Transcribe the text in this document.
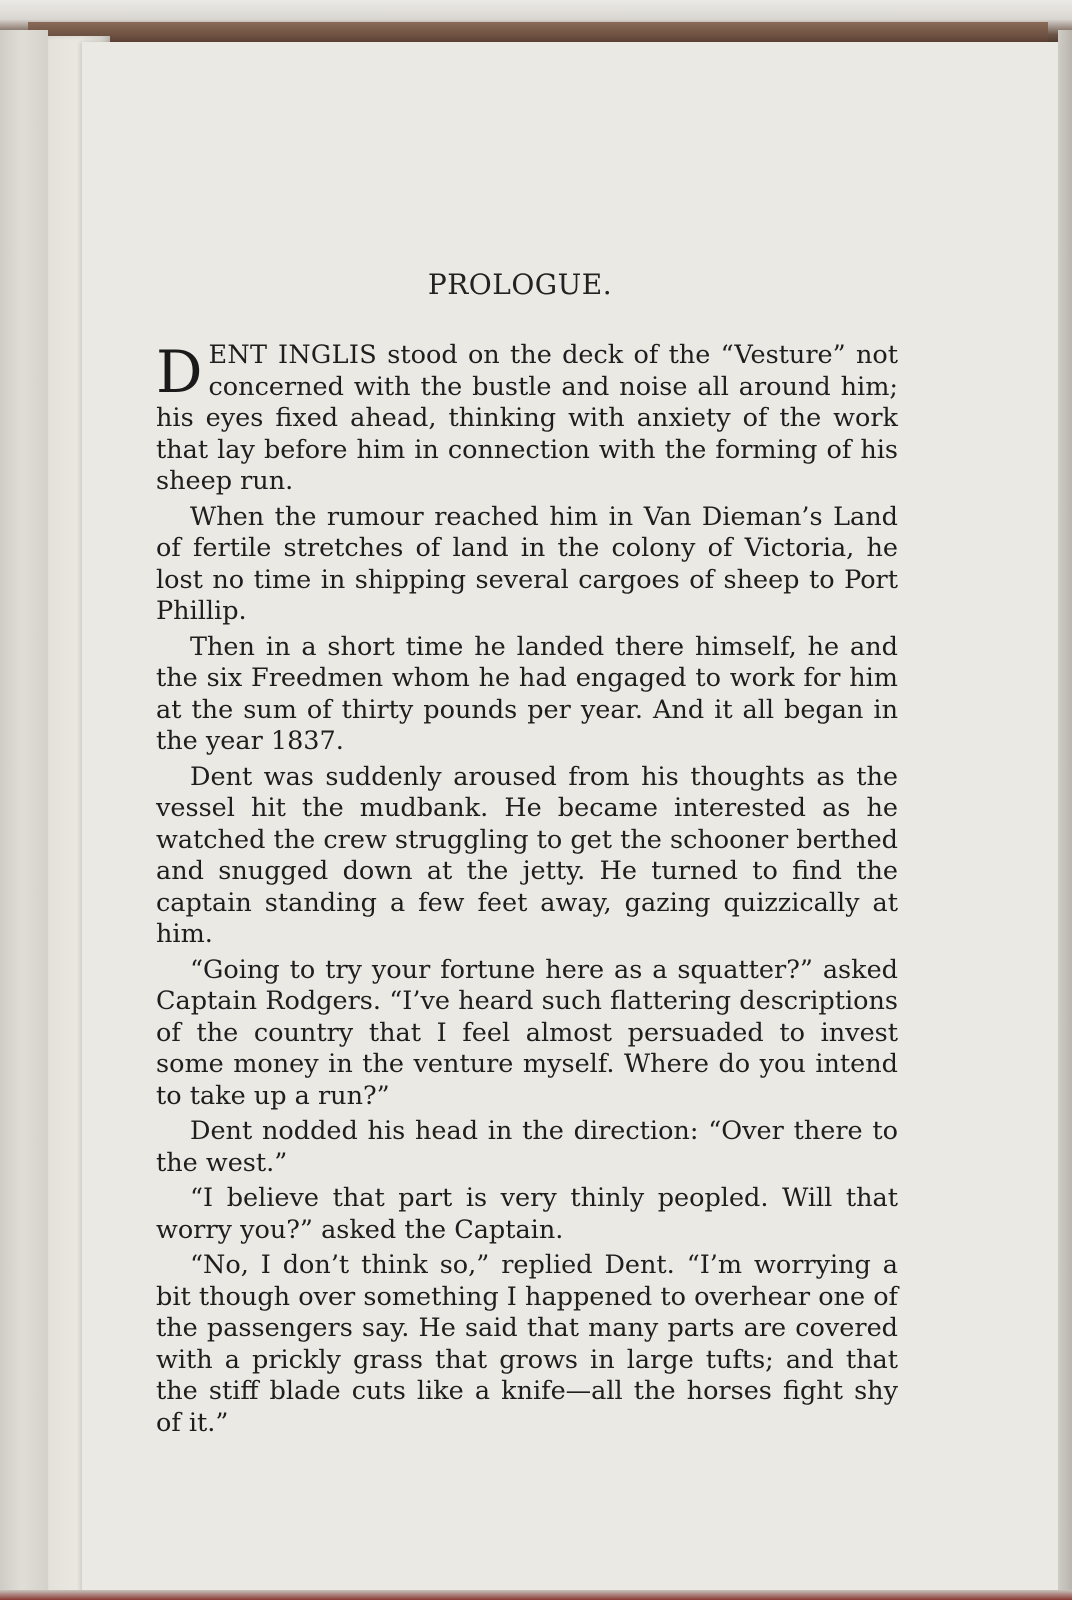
PROLOGUE.

DENT INGLIS stood on the deck of the “Vesture” not concerned with the bustle and noise all around him; his eyes fixed ahead, thinking with anxiety of the work that lay before him in connection with the forming of his sheep run.

When the rumour reached him in Van Dieman’s Land of fertile stretches of land in the colony of Victoria, he lost no time in shipping several cargoes of sheep to Port Phillip.

Then in a short time he landed there himself, he and the six Freedmen whom he had engaged to work for him at the sum of thirty pounds per year. And it all began in the year 1837.

Dent was suddenly aroused from his thoughts as the vessel hit the mudbank. He became interested as he watched the crew struggling to get the schooner berthed and snugged down at the jetty. He turned to find the captain standing a few feet away, gazing quizzically at him.

“Going to try your fortune here as a squatter?” asked Captain Rodgers. “I’ve heard such flattering descriptions of the country that I feel almost persuaded to invest some money in the venture myself. Where do you intend to take up a run?”

Dent nodded his head in the direction: “Over there to the west.”

“I believe that part is very thinly peopled. Will that worry you?” asked the Captain.

“No, I don’t think so,” replied Dent. “I’m worrying a bit though over something I happened to overhear one of the passengers say. He said that many parts are covered with a prickly grass that grows in large tufts; and that the stiff blade cuts like a knife—all the horses fight shy of it.”
